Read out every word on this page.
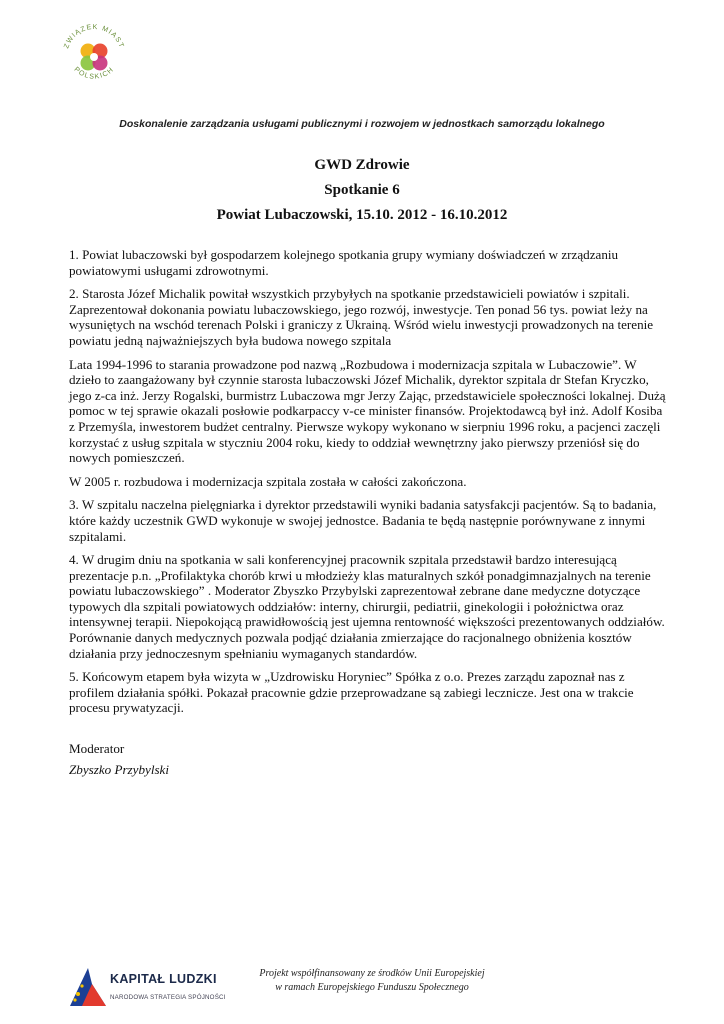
ZWIĄZEK MIAST
POLSKICH
Doskonalenie zarządzania usługami publicznymi i rozwojem w jednostkach samorządu lokalnego

GWD Zdrowie

Spotkanie 6

Powiat Lubaczowski, 15.10. 2012 - 16.10.2012

1. Powiat lubaczowski był gospodarzem kolejnego spotkania grupy wymiany doświadczeń w zrządzaniu powiatowymi usługami zdrowotnymi.

2. Starosta Józef Michalik powitał wszystkich przybyłych na spotkanie przedstawicieli powiatów i szpitali. Zaprezentował dokonania powiatu lubaczowskiego, jego rozwój, inwestycje. Ten ponad 56 tys. powiat leży na wysuniętych na wschód terenach Polski i graniczy z Ukrainą. Wśród wielu inwestycji prowadzonych na terenie powiatu jedną najważniejszych była budowa nowego szpitala

Lata 1994-1996 to starania prowadzone pod nazwą „Rozbudowa i modernizacja szpitala w Lubaczowie”. W dzieło to zaangażowany był czynnie starosta lubaczowski Józef Michalik, dyrektor szpitala dr Stefan Kryczko, jego z-ca inż. Jerzy Rogalski, burmistrz Lubaczowa mgr Jerzy Zając, przedstawiciele społeczności lokalnej. Dużą pomoc w tej sprawie okazali posłowie podkarpaccy v-ce minister finansów. Projektodawcą był inż. Adolf Kosiba z Przemyśla, inwestorem budżet centralny. Pierwsze wykopy wykonano w sierpniu 1996 roku, a pacjenci zaczęli korzystać z usług szpitala w styczniu 2004 roku, kiedy to oddział wewnętrzny jako pierwszy przeniósł się do nowych pomieszczeń.

W 2005 r. rozbudowa i modernizacja szpitala została w całości zakończona.

3. W szpitalu naczelna pielęgniarka i dyrektor przedstawili wyniki badania satysfakcji pacjentów. Są to badania, które każdy uczestnik GWD wykonuje w swojej jednostce. Badania te będą następnie porównywane z innymi szpitalami.

4. W drugim dniu na spotkania w sali konferencyjnej pracownik szpitala przedstawił bardzo interesującą prezentacje p.n. „Profilaktyka chorób krwi u młodzieży klas maturalnych szkół ponadgimnazjalnych na terenie powiatu lubaczowskiego” . Moderator Zbyszko Przybylski zaprezentował zebrane dane medyczne dotyczące typowych dla szpitali powiatowych oddziałów: interny, chirurgii, pediatrii, ginekologii i położnictwa oraz intensywnej terapii. Niepokojącą prawidłowością jest ujemna rentowność większości prezentowanych oddziałów. Porównanie danych medycznych pozwala podjąć działania zmierzające do racjonalnego obniżenia kosztów działania przy jednoczesnym spełnianiu wymaganych standardów.

5. Końcowym etapem była wizyta w „Uzdrowisku Horyniec” Spółka z o.o. Prezes zarządu zapoznał nas z profilem działania spółki. Pokazał pracownie gdzie przeprowadzane są zabiegi lecznicze. Jest ona w trakcie procesu prywatyzacji.

Moderator
Zbyszko Przybylski
KAPITAŁ LUDZKI
NARODOWA STRATEGIA SPÓJNOŚCI
Projekt współfinansowany ze środków Unii Europejskiej
w ramach Europejskiego Funduszu Społecznego
